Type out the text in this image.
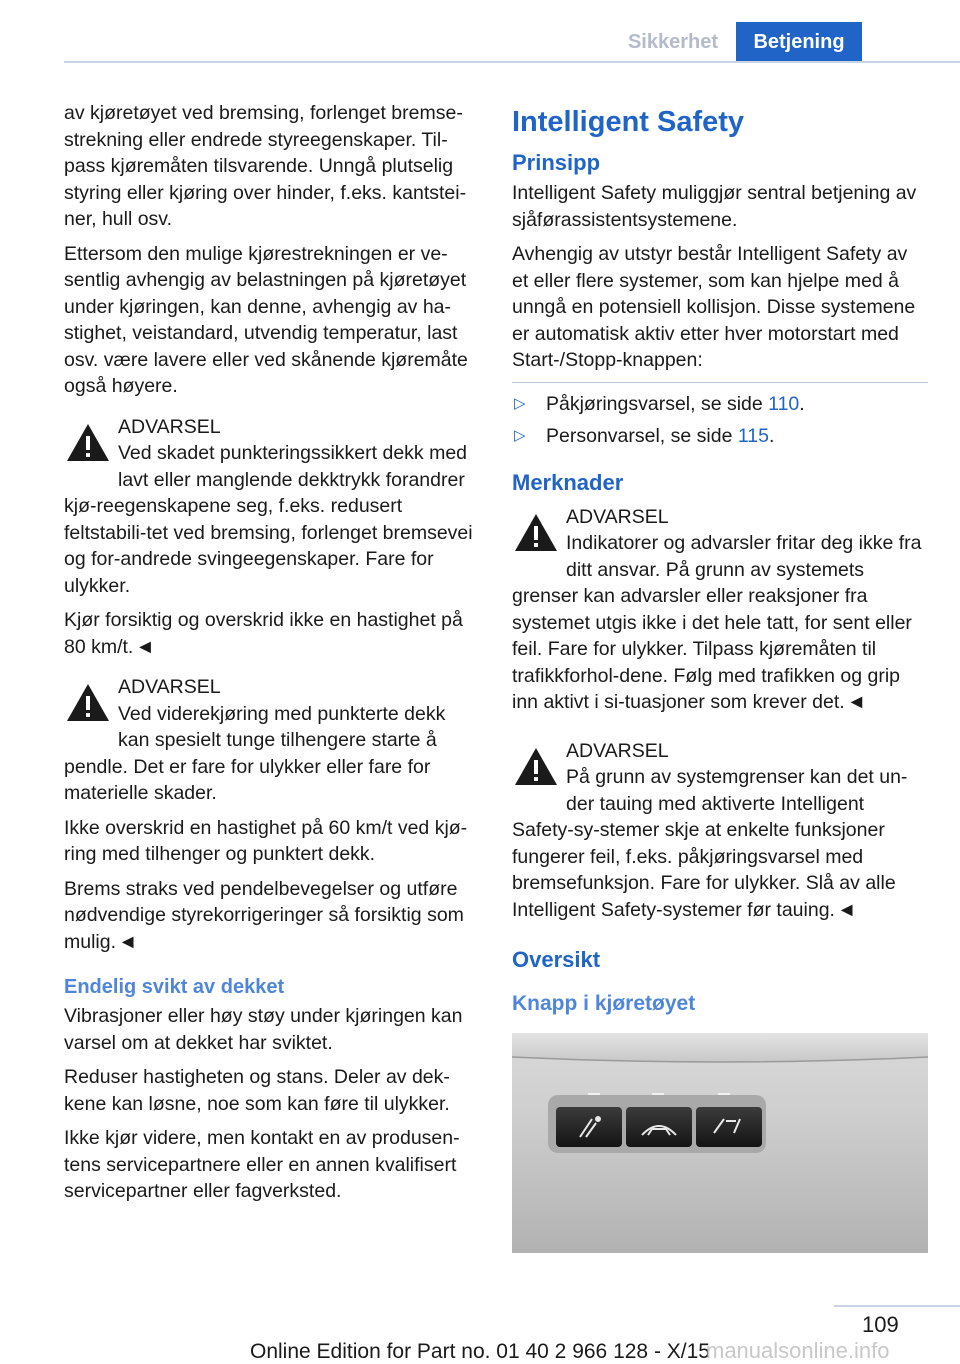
Sikkerhet	Betjening

av kjøretøyet ved bremsing, forlenget bremse-strekning eller endrede styreegenskaper. Til-pass kjøremåten tilsvarende. Unngå plutselig styring eller kjøring over hinder, f.eks. kantstei-ner, hull osv.

Ettersom den mulige kjørestrekningen er ve-sentlig avhengig av belastningen på kjøretøyet under kjøringen, kan denne, avhengig av ha-stighet, veistandard, utvendig temperatur, last osv. være lavere eller ved skånende kjøremåte også høyere.

ADVARSEL
Ved skadet punkteringssikkert dekk med lavt eller manglende dekktrykk forandrer kjø-reegenskapene seg, f.eks. redusert feltstabili-tet ved bremsing, forlenget bremsevei og for-andrede svingeegenskaper. Fare for ulykker.

Kjør forsiktig og overskrid ikke en hastighet på 80 km/t. ◄

ADVARSEL
Ved viderekjøring med punkterte dekk kan spesielt tunge tilhengere starte å pendle. Det er fare for ulykker eller fare for materielle skader.

Ikke overskrid en hastighet på 60 km/t ved kjø-ring med tilhenger og punktert dekk.

Brems straks ved pendelbevegelser og utføre nødvendige styrekorrigeringer så forsiktig som mulig. ◄

Endelig svikt av dekket

Vibrasjoner eller høy støy under kjøringen kan varsel om at dekket har sviktet.

Reduser hastigheten og stans. Deler av dek-kene kan løsne, noe som kan føre til ulykker.

Ikke kjør videre, men kontakt en av produsen-tens servicepartnere eller en annen kvalifisert servicepartner eller fagverksted.

Intelligent Safety
Prinsipp

Intelligent Safety muliggjør sentral betjening av sjåførassistentsystemene.

Avhengig av utstyr består Intelligent Safety av et eller flere systemer, som kan hjelpe med å unngå en potensiell kollisjon. Disse systemene er automatisk aktiv etter hver motorstart med Start-/Stopp-knappen:

▷ Påkjøringsvarsel, se side 110.
▷ Personvarsel, se side 115.
Merknader
ADVARSEL
Indikatorer og advarsler fritar deg ikke fra ditt ansvar. På grunn av systemets grenser kan advarsler eller reaksjoner fra systemet utgis ikke i det hele tatt, for sent eller feil. Fare for ulykker. Tilpass kjøremåten til trafikkforhol-dene. Følg med trafikken og grip inn aktivt i si-tuasjoner som krever det. ◄
ADVARSEL
På grunn av systemgrenser kan det un-der tauing med aktiverte Intelligent Safety-sy-stemer skje at enkelte funksjoner fungerer feil, f.eks. påkjøringsvarsel med bremsefunksjon. Fare for ulykker. Slå av alle Intelligent Safety-systemer før tauing. ◄
Oversikt
Knapp i kjøretøyet
109
Online Edition for Part no. 01 40 2 966 128 - X/15
manualsonline.info
